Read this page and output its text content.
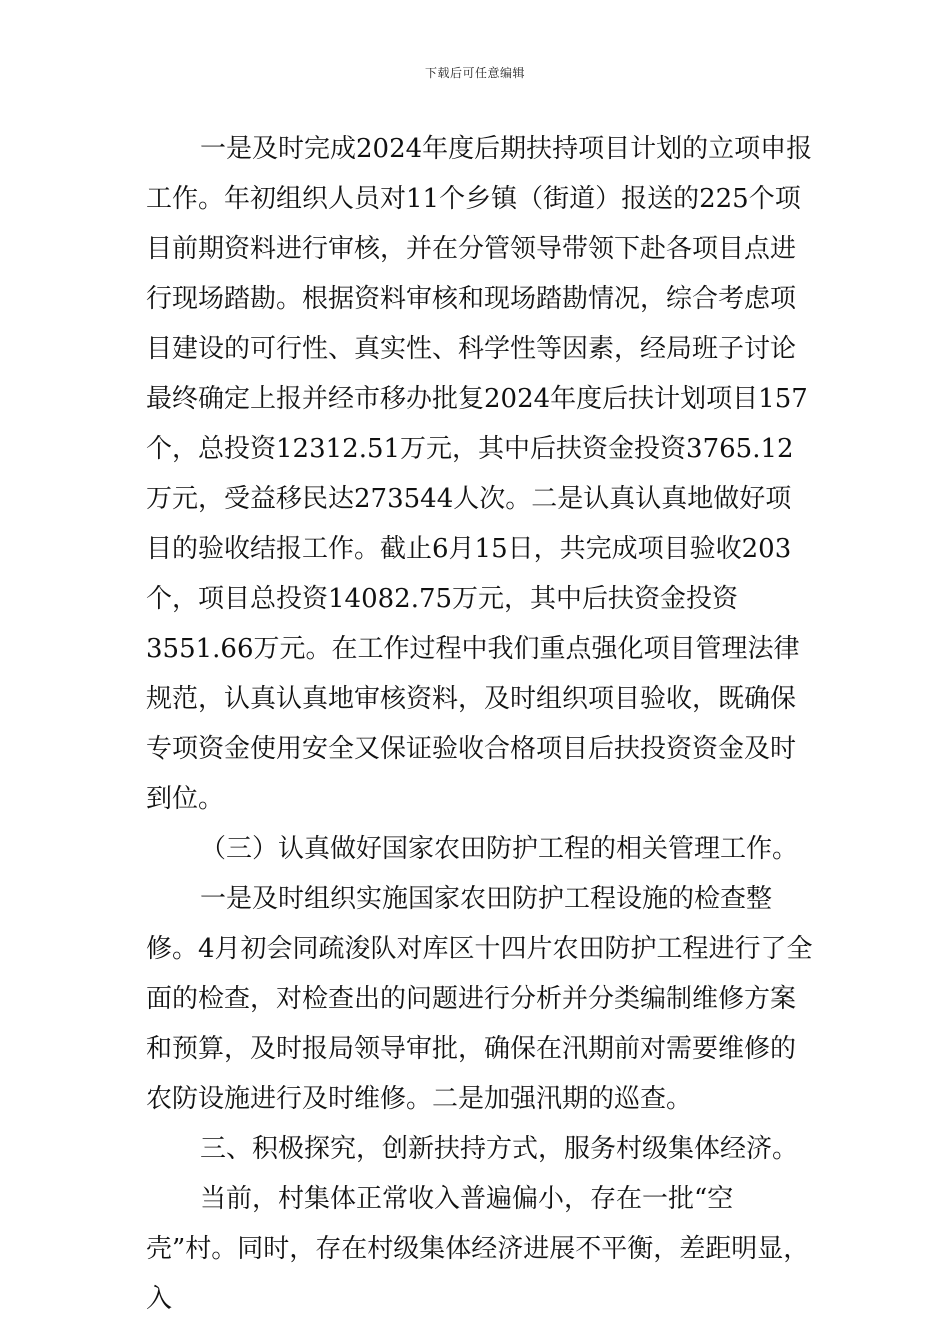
下载后可任意编辑

一是及时完成2024年度后期扶持项目计划的立项申报工作。年初组织人员对11个乡镇（街道）报送的225个项目前期资料进行审核，并在分管领导带领下赴各项目点进行现场踏勘。根据资料审核和现场踏勘情况，综合考虑项目建设的可行性、真实性、科学性等因素，经局班子讨论最终确定上报并经市移办批复2024年度后扶计划项目157个，总投资12312.51万元，其中后扶资金投资3765.12万元，受益移民达273544人次。二是认真认真地做好项目的验收结报工作。截止6月15日，共完成项目验收203个，项目总投资14082.75万元，其中后扶资金投资3551.66万元。在工作过程中我们重点强化项目管理法律规范，认真认真地审核资料，及时组织项目验收，既确保专项资金使用安全又保证验收合格项目后扶投资资金及时到位。

（三）认真做好国家农田防护工程的相关管理工作。

一是及时组织实施国家农田防护工程设施的检查整修。4月初会同疏浚队对库区十四片农田防护工程进行了全面的检查，对检查出的问题进行分析并分类编制维修方案和预算，及时报局领导审批，确保在汛期前对需要维修的农防设施进行及时维修。二是加强汛期的巡查。

三、积极探究，创新扶持方式，服务村级集体经济。

当前，村集体正常收入普遍偏小，存在一批“空壳”村。同时，存在村级集体经济进展不平衡，差距明显，入
